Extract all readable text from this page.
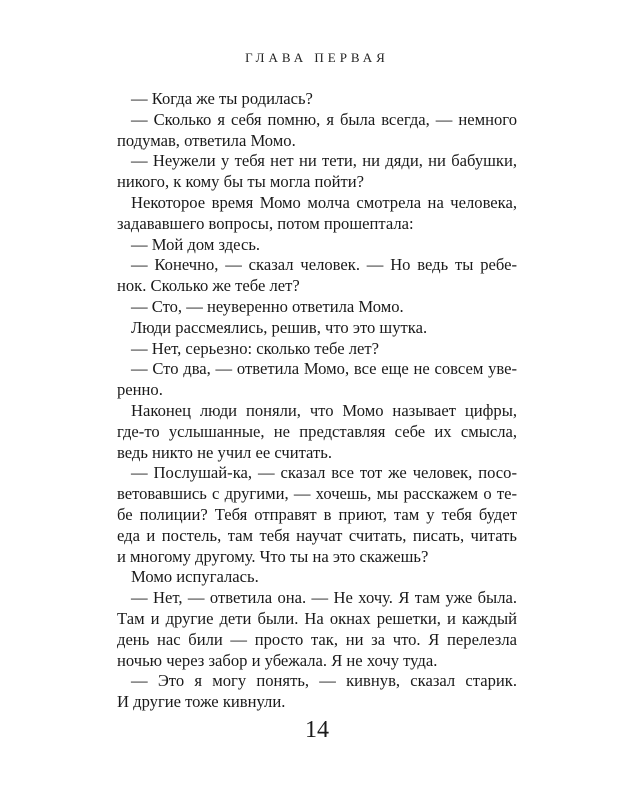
ГЛАВА ПЕРВАЯ
— Когда же ты родилась?
— Сколько я себя помню, я была всегда, — немного
подумав, ответила Момо.
— Неужели у тебя нет ни тети, ни дяди, ни бабушки,
никого, к кому бы ты могла пойти?
Некоторое время Момо молча смотрела на человека,
задававшего вопросы, потом прошептала:
— Мой дом здесь.
— Конечно, — сказал человек. — Но ведь ты ребе-
нок. Сколько же тебе лет?
— Сто, — неуверенно ответила Момо.
Люди рассмеялись, решив, что это шутка.
— Нет, серьезно: сколько тебе лет?
— Сто два, — ответила Момо, все еще не совсем уве-
ренно.
Наконец люди поняли, что Момо называет цифры,
где-то услышанные, не представляя себе их смысла,
ведь никто не учил ее считать.
— Послушай-ка, — сказал все тот же человек, посо-
ветовавшись с другими, — хочешь, мы расскажем о те-
бе полиции? Тебя отправят в приют, там у тебя будет
еда и постель, там тебя научат считать, писать, читать
и многому другому. Что ты на это скажешь?
Момо испугалась.
— Нет, — ответила она. — Не хочу. Я там уже была.
Там и другие дети были. На окнах решетки, и каждый
день нас били — просто так, ни за что. Я перелезла
ночью через забор и убежала. Я не хочу туда.
— Это я могу понять, — кивнув, сказал старик.
И другие тоже кивнули.
14
